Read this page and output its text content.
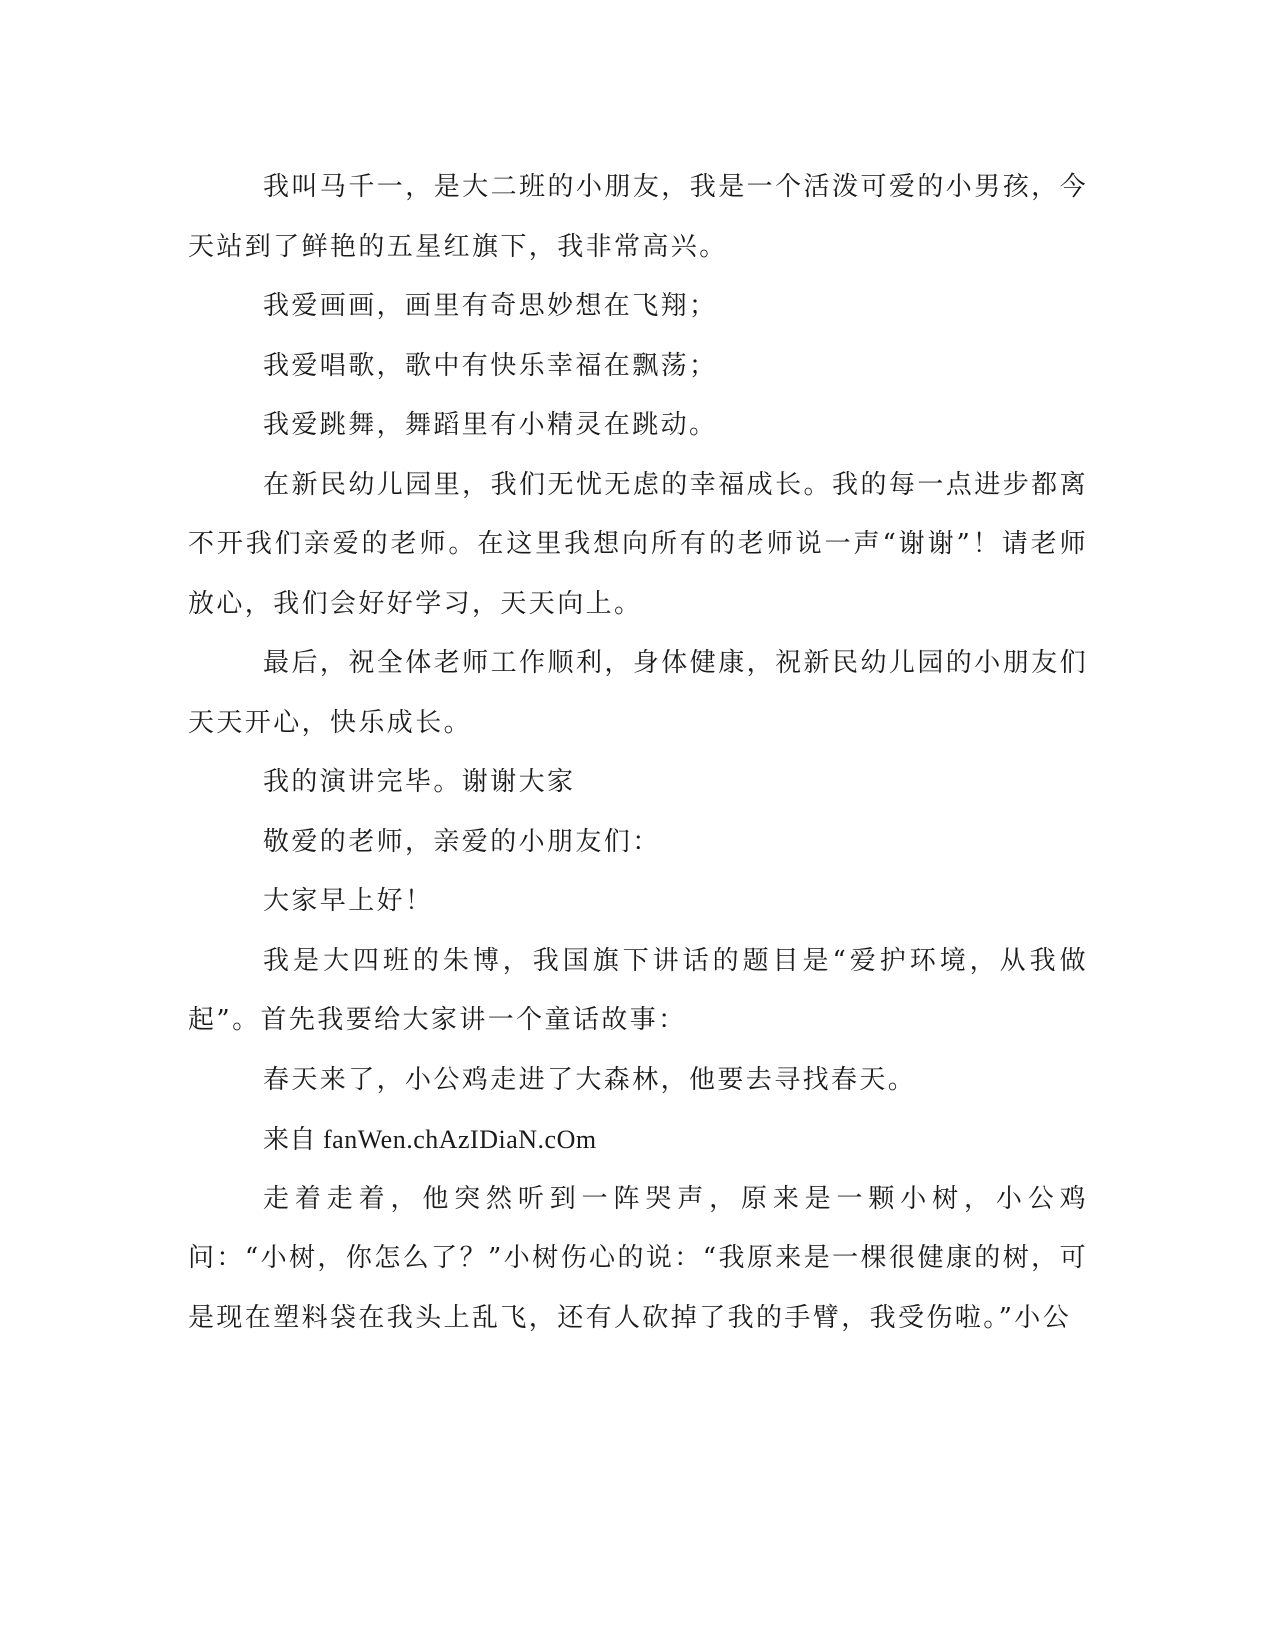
我叫马千一，是大二班的小朋友，我是一个活泼可爱的小男孩，今天站到了鲜艳的五星红旗下，我非常高兴。

我爱画画，画里有奇思妙想在飞翔；

我爱唱歌，歌中有快乐幸福在飘荡；

我爱跳舞，舞蹈里有小精灵在跳动。

在新民幼儿园里，我们无忧无虑的幸福成长。我的每一点进步都离不开我们亲爱的老师。在这里我想向所有的老师说一声“谢谢”！请老师放心，我们会好好学习，天天向上。

最后，祝全体老师工作顺利，身体健康，祝新民幼儿园的小朋友们天天开心，快乐成长。

我的演讲完毕。谢谢大家

敬爱的老师，亲爱的小朋友们：

大家早上好！

我是大四班的朱博，我国旗下讲话的题目是“爱护环境，从我做起”。首先我要给大家讲一个童话故事：

春天来了，小公鸡走进了大森林，他要去寻找春天。

来自 fanWen.chAzIDiaN.cOm

走着走着，他突然听到一阵哭声，原来是一颗小树，小公鸡问：“小树，你怎么了？”小树伤心的说：“我原来是一棵很健康的树，可是现在塑料袋在我头上乱飞，还有人砍掉了我的手臂，我受伤啦。”小公
